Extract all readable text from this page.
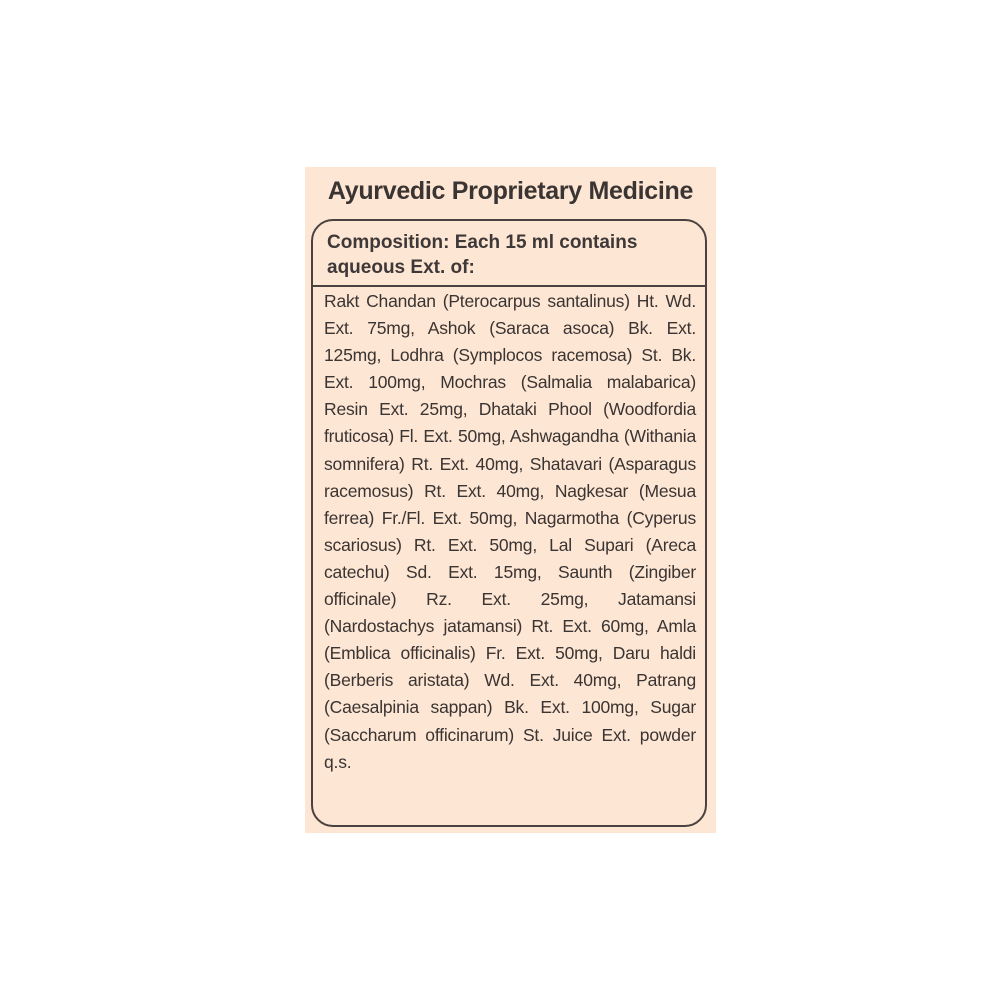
Ayurvedic Proprietary Medicine
Composition: Each 15 ml contains aqueous Ext. of:
Rakt Chandan (Pterocarpus santalinus) Ht. Wd. Ext. 75mg, Ashok (Saraca asoca) Bk. Ext. 125mg, Lodhra (Symplocos racemosa) St. Bk. Ext. 100mg, Mochras (Salmalia malabarica) Resin Ext. 25mg, Dhataki Phool (Woodfordia fruticosa) Fl. Ext. 50mg, Ashwagandha (Withania somnifera) Rt. Ext. 40mg, Shatavari (Asparagus racemosus) Rt. Ext. 40mg, Nagkesar (Mesua ferrea) Fr./Fl. Ext. 50mg, Nagarmotha (Cyperus scariosus) Rt. Ext. 50mg, Lal Supari (Areca catechu) Sd. Ext. 15mg, Saunth (Zingiber officinale) Rz. Ext. 25mg, Jatamansi (Nardostachys jatamansi) Rt. Ext. 60mg, Amla (Emblica officinalis) Fr. Ext. 50mg, Daru haldi (Berberis aristata) Wd. Ext. 40mg, Patrang (Caesalpinia sappan) Bk. Ext. 100mg, Sugar (Saccharum officinarum) St. Juice Ext. powder q.s.
